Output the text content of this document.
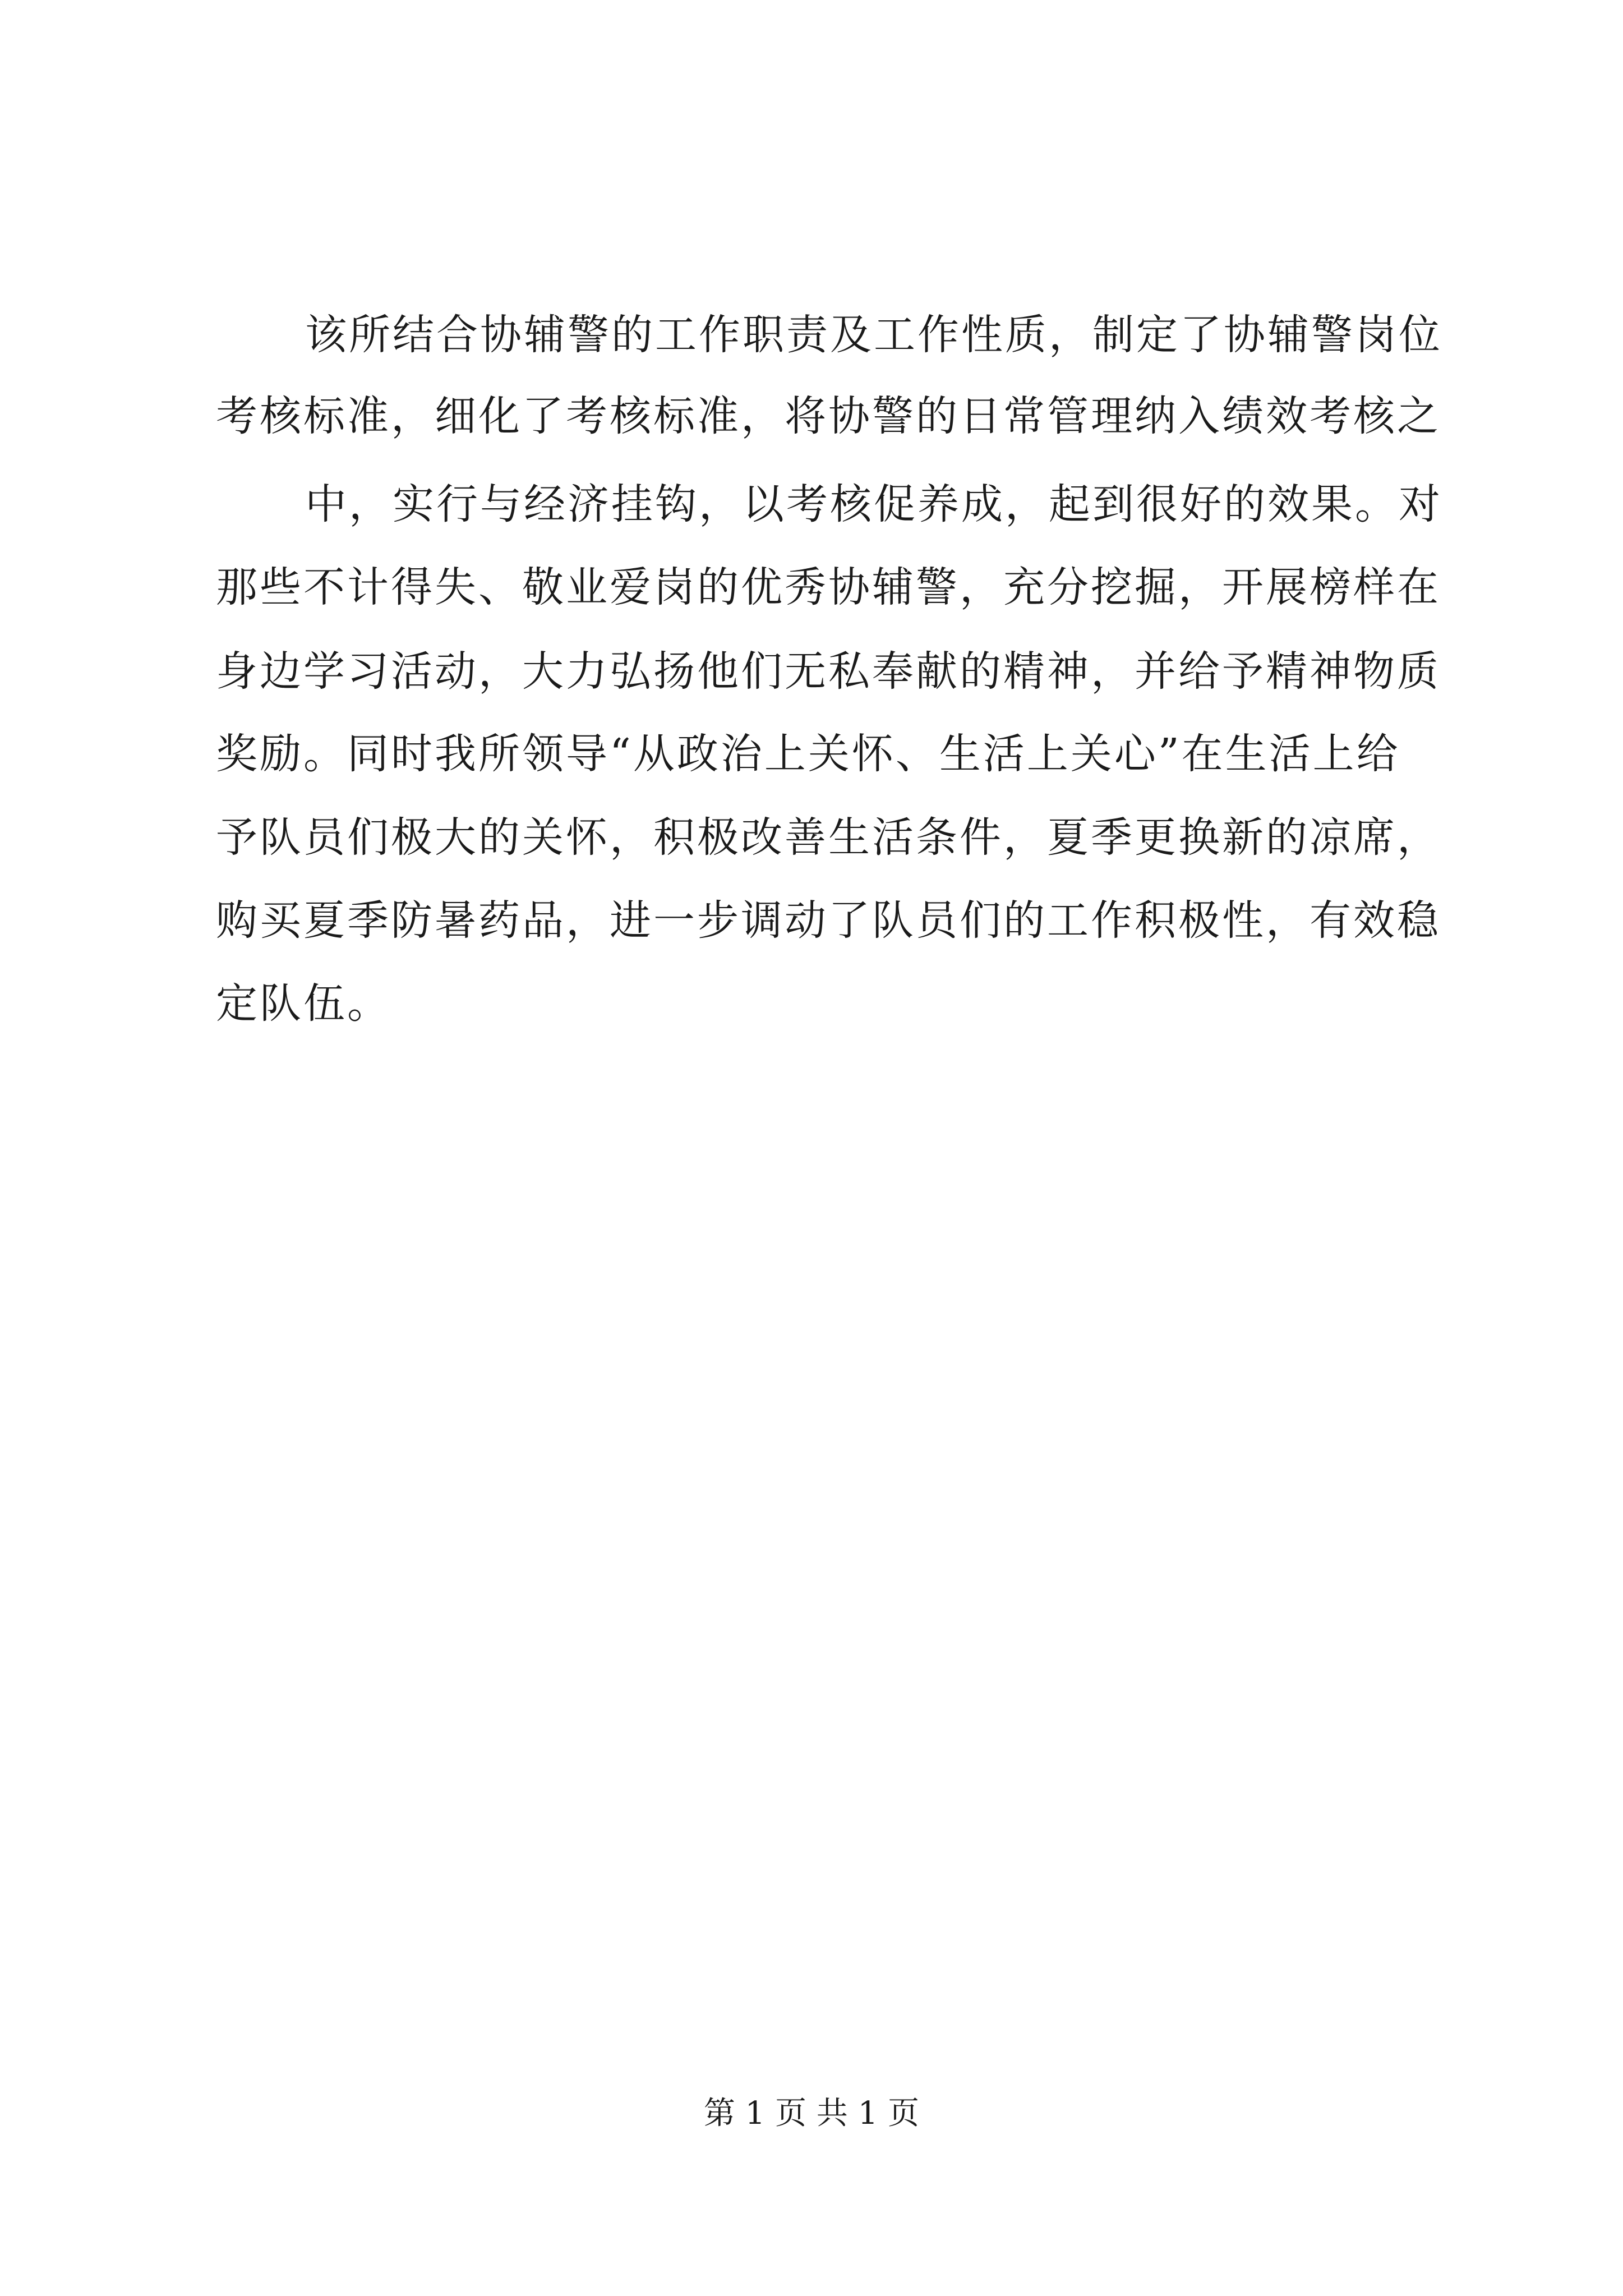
该所结合协辅警的工作职责及工作性质，制定了协辅警岗位
考核标准，细化了考核标准，将协警的日常管理纳入绩效考核之
中，实行与经济挂钩，以考核促养成，起到很好的效果。对
那些不计得失、敬业爱岗的优秀协辅警，充分挖掘，开展榜样在
身边学习活动，大力弘扬他们无私奉献的精神，并给予精神物质
奖励。同时我所领导“从政治上关怀、生活上关心”在生活上给
予队员们极大的关怀，积极改善生活条件，夏季更换新的凉席，
购买夏季防暑药品，进一步调动了队员们的工作积极性，有效稳
定队伍。
第 1 页 共 1 页
